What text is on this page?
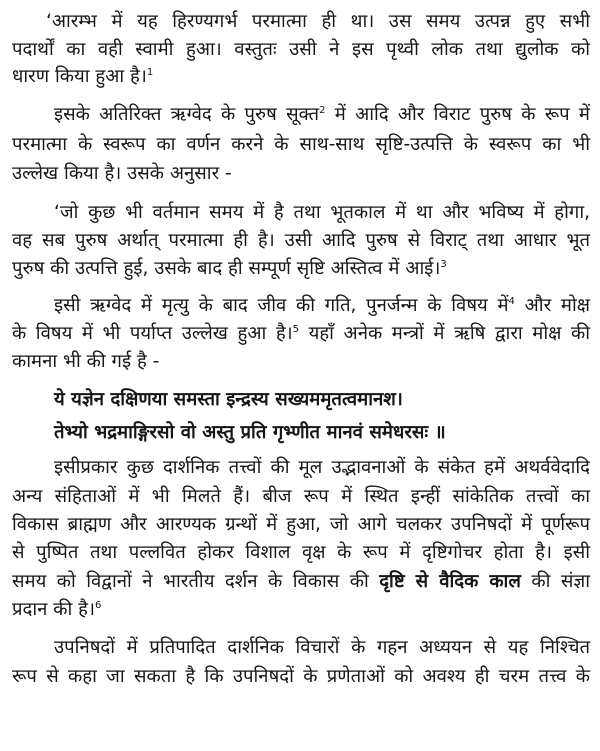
‘आरम्भ में यह हिरण्यगर्भ परमात्मा ही था। उस समय उत्पन्न हुए सभी
पदार्थों का वही स्वामी हुआ। वस्तुतः उसी ने इस पृथ्वी लोक तथा द्युलोक को
धारण किया हुआ है।$^1$
इसके अतिरिक्त ऋग्वेद के पुरुष सूक्त$^2$ में आदि और विराट पुरुष के रूप में
परमात्मा के स्वरूप का वर्णन करने के साथ-साथ सृष्टि-उत्पत्ति के स्वरूप का भी
उल्लेख किया है। उसके अनुसार -
‘जो कुछ भी वर्तमान समय में है तथा भूतकाल में था और भविष्य में होगा,
वह सब पुरुष अर्थात् परमात्मा ही है। उसी आदि पुरुष से विराट् तथा आधार भूत
पुरुष की उत्पत्ति हुई, उसके बाद ही सम्पूर्ण सृष्टि अस्तित्व में आई।$^3$
इसी ऋग्वेद में मृत्यु के बाद जीव की गति, पुनर्जन्म के विषय में$^4$ और मोक्ष
के विषय में भी पर्याप्त उल्लेख हुआ है।$^5$ यहाँ अनेक मन्त्रों में ऋषि द्वारा मोक्ष की
कामना भी की गई है -
ये यज्ञेन दक्षिणया समस्ता इन्द्रस्य सख्यममृतत्वमानश।
तेभ्यो भद्रमाङ्गिरसो वो अस्तु प्रति गृभ्णीत मानवं समेधरसः ॥
इसीप्रकार कुछ दार्शनिक तत्त्वों की मूल उद्भावनाओं के संकेत हमें अथर्ववेदादि
अन्य संहिताओं में भी मिलते हैं। बीज रूप में स्थित इन्हीं सांकेतिक तत्त्वों का
विकास ब्राह्मण और आरण्यक ग्रन्थों में हुआ, जो आगे चलकर उपनिषदों में पूर्णरूप
से पुष्पित तथा पल्लवित होकर विशाल वृक्ष के रूप में दृष्टिगोचर होता है। इसी
समय को विद्वानों ने भारतीय दर्शन के विकास की दृष्टि से वैदिक काल की संज्ञा
प्रदान की है।$^6$
उपनिषदों में प्रतिपादित दार्शनिक विचारों के गहन अध्ययन से यह निश्चित
रूप से कहा जा सकता है कि उपनिषदों के प्रणेताओं को अवश्य ही चरम तत्त्व के
